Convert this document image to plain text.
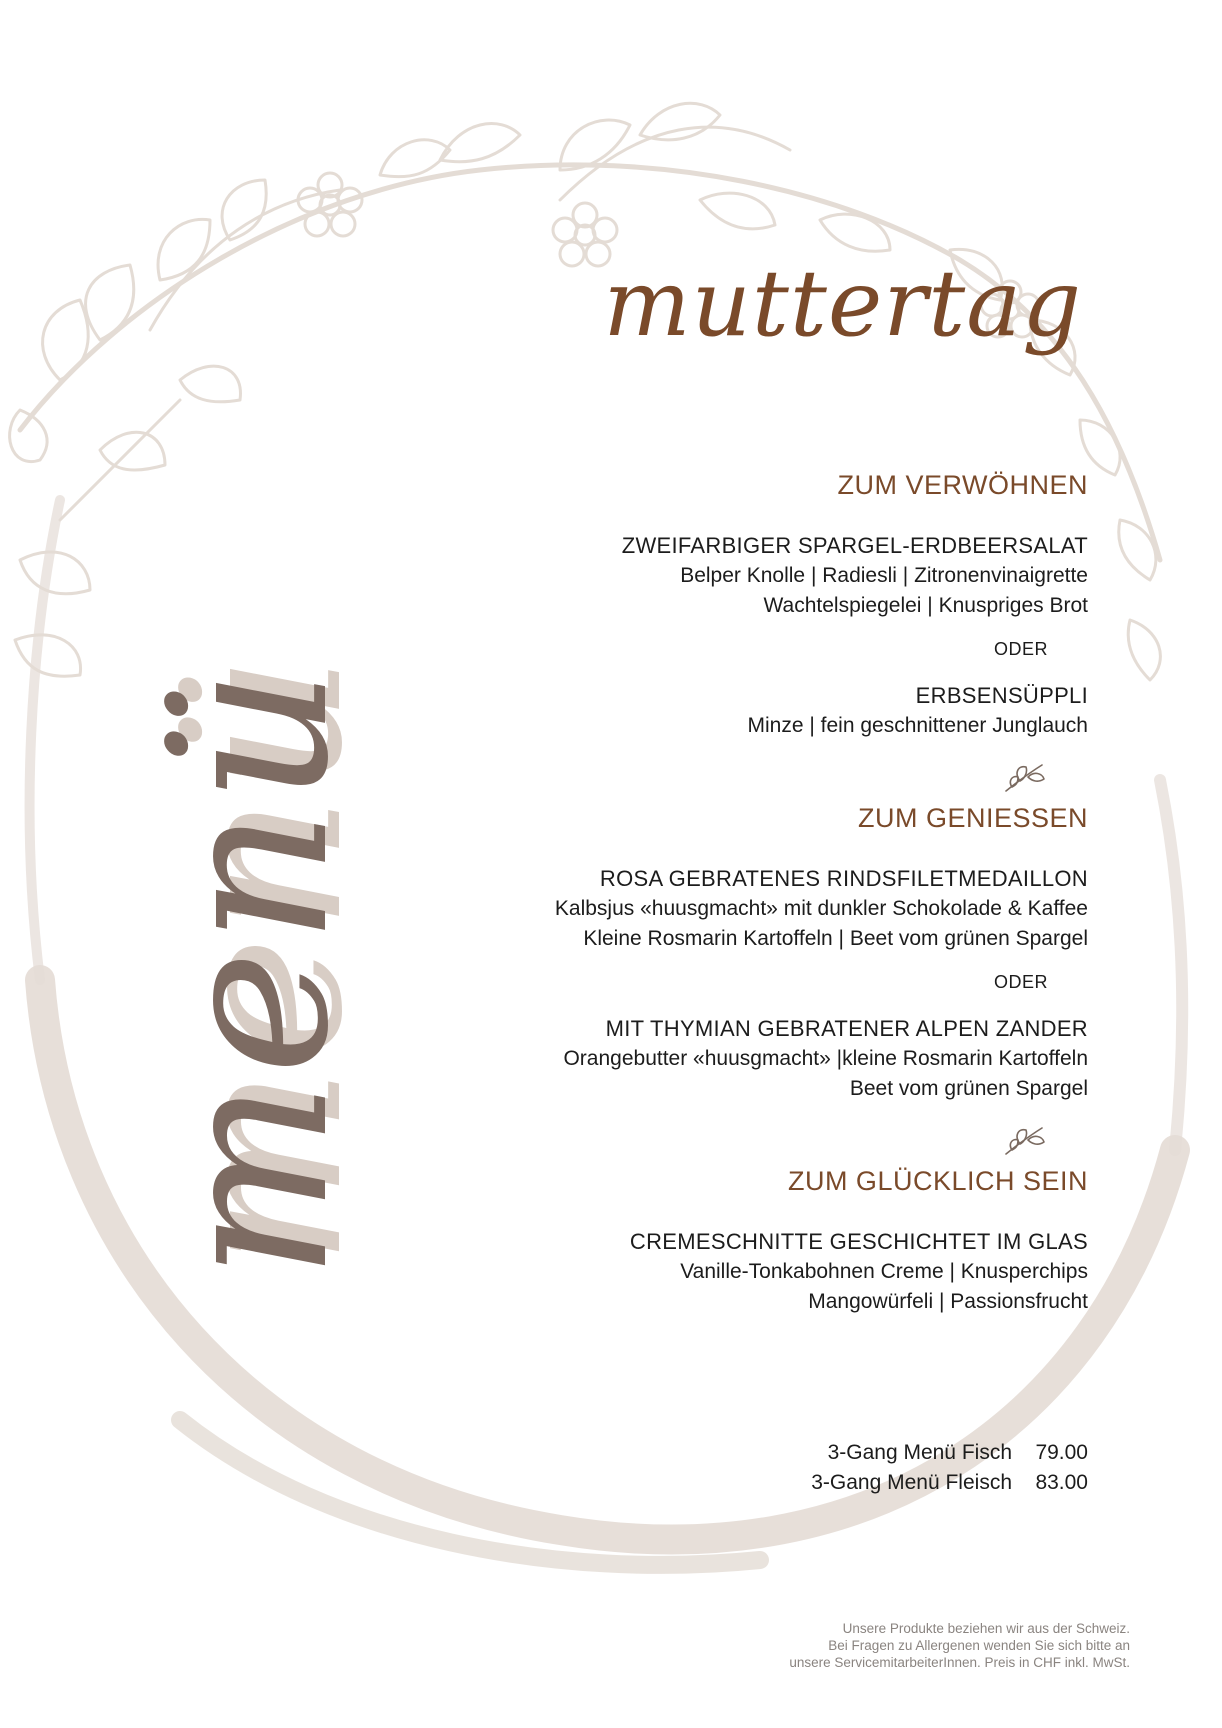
muttertag
menü
ZUM VERWÖHNEN
ZWEIFARBIGER SPARGEL-ERDBEERSALAT
Belper Knolle | Radiesli | Zitronenvinaigrette
Wachtelspiegelei | Knuspriges Brot
ODER
ERBSENSÜPPLI
Minze | fein geschnittener Junglauch
ZUM GENIESSEN
ROSA GEBRATENES RINDSFILETMEDAILLON
Kalbsjus «huusgmacht» mit dunkler Schokolade & Kaffee
Kleine Rosmarin Kartoffeln | Beet vom grünen Spargel
ODER
MIT THYMIAN GEBRATENER ALPEN ZANDER
Orangebutter «huusgmacht» |kleine Rosmarin Kartoffeln
Beet vom grünen Spargel
ZUM GLÜCKLICH SEIN
CREMESCHNITTE GESCHICHTET IM GLAS
Vanille-Tonkabohnen Creme | Knusperchips
Mangowürfeli | Passionsfrucht
3-Gang Menü Fisch	79.00
3-Gang Menü Fleisch	83.00
Unsere Produkte beziehen wir aus der Schweiz.
Bei Fragen zu Allergenen wenden Sie sich bitte an
unsere ServicemitarbeiterInnen. Preis in CHF inkl. MwSt.
